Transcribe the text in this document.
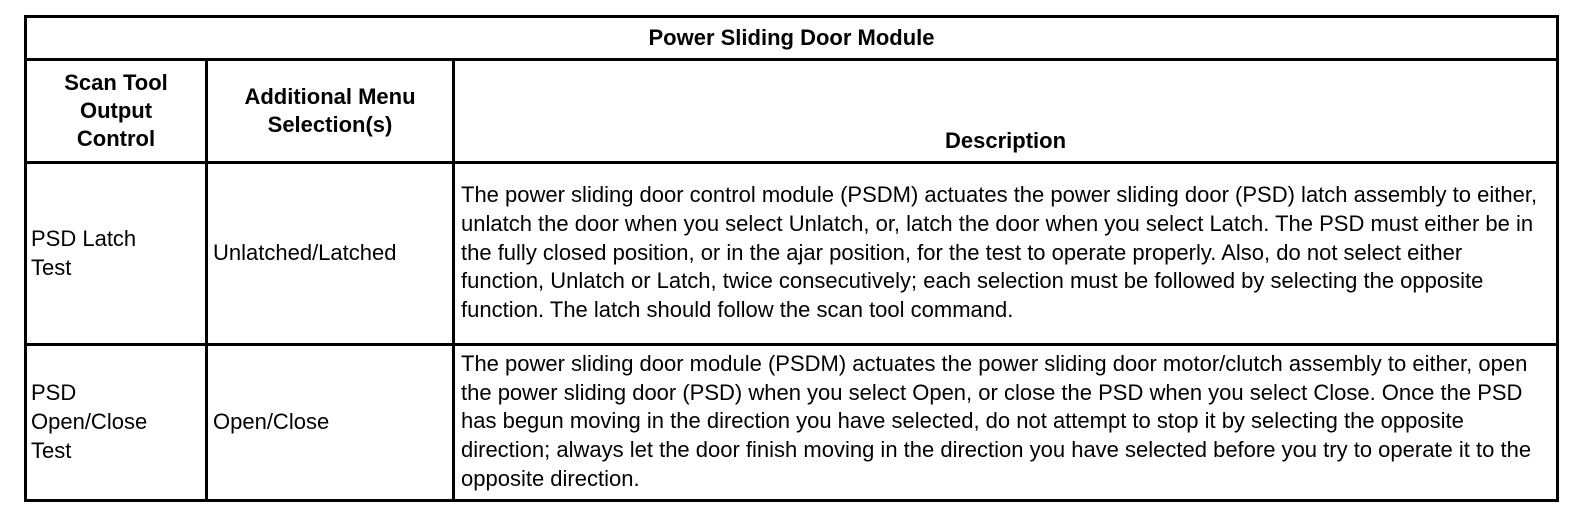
Power Sliding Door Module		

Scan Tool Output Control	Additional Menu Selection(s)	Description

PSD Latch Test	Unlatched/Latched	The power sliding door control module (PSDM) actuates the power sliding door (PSD) latch assembly to either, unlatch the door when you select Unlatch, or, latch the door when you select Latch. The PSD must either be in the fully closed position, or in the ajar position, for the test to operate properly. Also, do not select either function, Unlatch or Latch, twice consecutively; each selection must be followed by selecting the opposite function. The latch should follow the scan tool command.

PSD Open/Close Test	Open/Close	The power sliding door module (PSDM) actuates the power sliding door motor/clutch assembly to either, open the power sliding door (PSD) when you select Open, or close the PSD when you select Close. Once the PSD has begun moving in the direction you have selected, do not attempt to stop it by selecting the opposite direction; always let the door finish moving in the direction you have selected before you try to operate it to the opposite direction.
